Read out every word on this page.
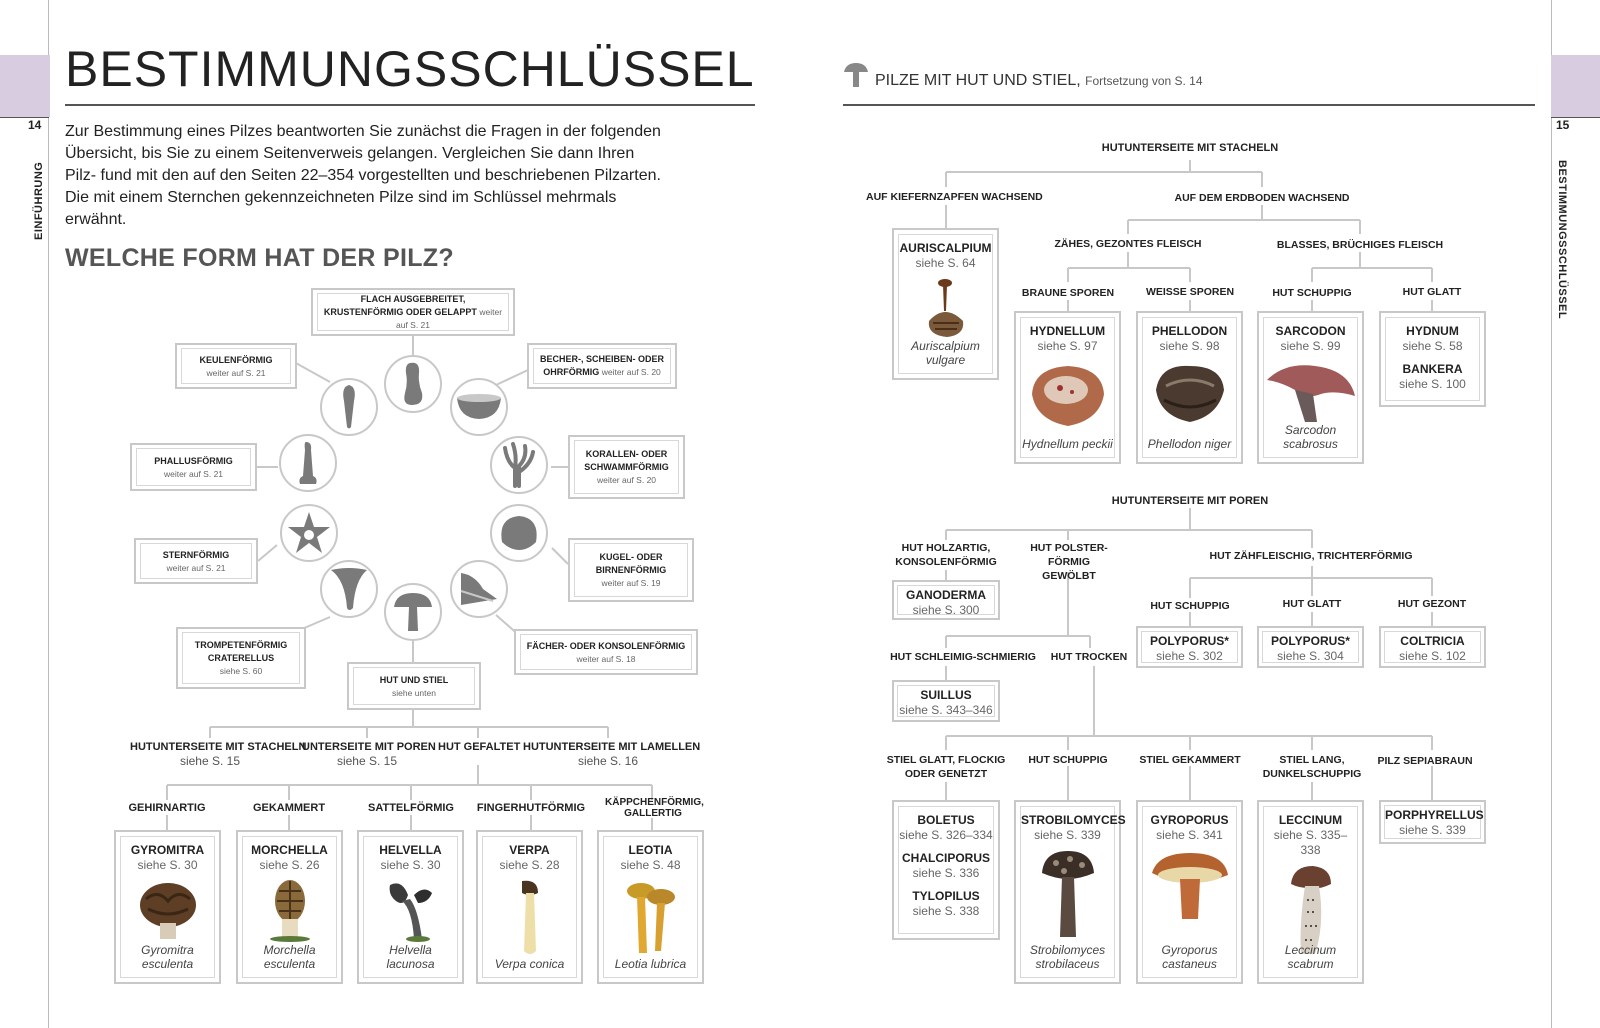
14	15
EINFÜHRUNG	BESTIMMUNGSSCHLÜSSEL
BESTIMMUNGSSCHLÜSSEL

Zur Bestimmung eines Pilzes beantworten Sie zunächst die Fragen in der folgenden Übersicht, bis Sie zu einem Seitenverweis gelangen. Vergleichen Sie dann Ihren Pilz- fund mit den auf den Seiten 22–354 vorgestellten und beschriebenen Pilzarten. Die mit einem Sternchen gekennzeichneten Pilze sind im Schlüssel mehrmals erwähnt.

WELCHE FORM HAT DER PILZ?
FLACH AUSGEBREITET, KRUSTENFÖRMIG ODER GELAPPT weiter auf S. 21
KEULENFÖRMIG
weiter auf S. 21
BECHER-, SCHEIBEN- ODER OHRFÖRMIG weiter auf S. 20
PHALLUSFÖRMIG
weiter auf S. 21
KORALLEN- ODER SCHWAMMFÖRMIG
weiter auf S. 20
STERNFÖRMIG
weiter auf S. 21
KUGEL- ODER BIRNENFÖRMIG
weiter auf S. 19
TROMPETENFÖRMIG CRATERELLUS
siehe S. 60
FÄCHER- ODER KONSOLENFÖRMIG
weiter auf S. 18
HUT UND STIEL
siehe unten
HUTUNTERSEITE MIT STACHELN
siehe S. 15
UNTERSEITE MIT POREN
siehe S. 15
HUT GEFALTET HUTUNTERSEITE MIT LAMELLEN
siehe S. 16
GEHIRNARTIG	GEKAMMERT	SATTELFÖRMIG	FINGERHUTFÖRMIG KÄPPCHENFÖRMIG, GALLERTIG
GYROMITRA
siehe S. 30
Gyromitra esculenta
MORCHELLA
siehe S. 26
Morchella esculenta
HELVELLA
siehe S. 30
Helvella lacunosa
VERPA
siehe S. 28
Verpa conica
LEOTIA
siehe S. 48
Leotia lubrica
PILZE MIT HUT UND STIEL, Fortsetzung von S. 14
HUTUNTERSEITE MIT STACHELN
AUF KIEFERNZAPFEN WACHSEND	AUF DEM ERDBODEN WACHSEND
ZÄHES, GEZONTES FLEISCH	BLASSES, BRÜCHIGES FLEISCH
BRAUNE SPOREN	WEISSE SPOREN	HUT SCHUPPIG	HUT GLATT
AURISCALPIUM
siehe S. 64
Auriscalpium vulgare
HYDNELLUM
siehe S. 97
Hydnellum peckii
PHELLODON
siehe S. 98
Phellodon niger
SARCODON
siehe S. 99
Sarcodon scabrosus
HYDNUM
siehe S. 58
BANKERA
siehe S. 100
HUTUNTERSEITE MIT POREN
HUT HOLZARTIG, KONSOLENFÖRMIG
HUT POLSTER- FÖRMIG GEWÖLBT
HUT ZÄHFLEISCHIG, TRICHTERFÖRMIG
HUT SCHUPPIG	HUT GLATT	HUT GEZONT
GANODERMA
siehe S. 300
POLYPORUS*
siehe S. 302
POLYPORUS*
siehe S. 304
COLTRICIA
siehe S. 102
HUT SCHLEIMIG-SCHMIERIG	HUT TROCKEN
SUILLUS
siehe S. 343–346
STIEL GLATT, FLOCKIG ODER GENETZT
HUT SCHUPPIG	STIEL GEKAMMERT	STIEL LANG, DUNKELSCHUPPIG
PILZ SEPIABRAUN
BOLETUS
siehe S. 326–334
CHALCIPORUS
siehe S. 336
TYLOPILUS
siehe S. 338
STROBILOMYCES
siehe S. 339
Strobilomyces strobilaceus
GYROPORUS
siehe S. 341
Gyroporus castaneus
LECCINUM
siehe S. 335–338
Leccinum scabrum
PORPHYRELLUS
siehe S. 339
